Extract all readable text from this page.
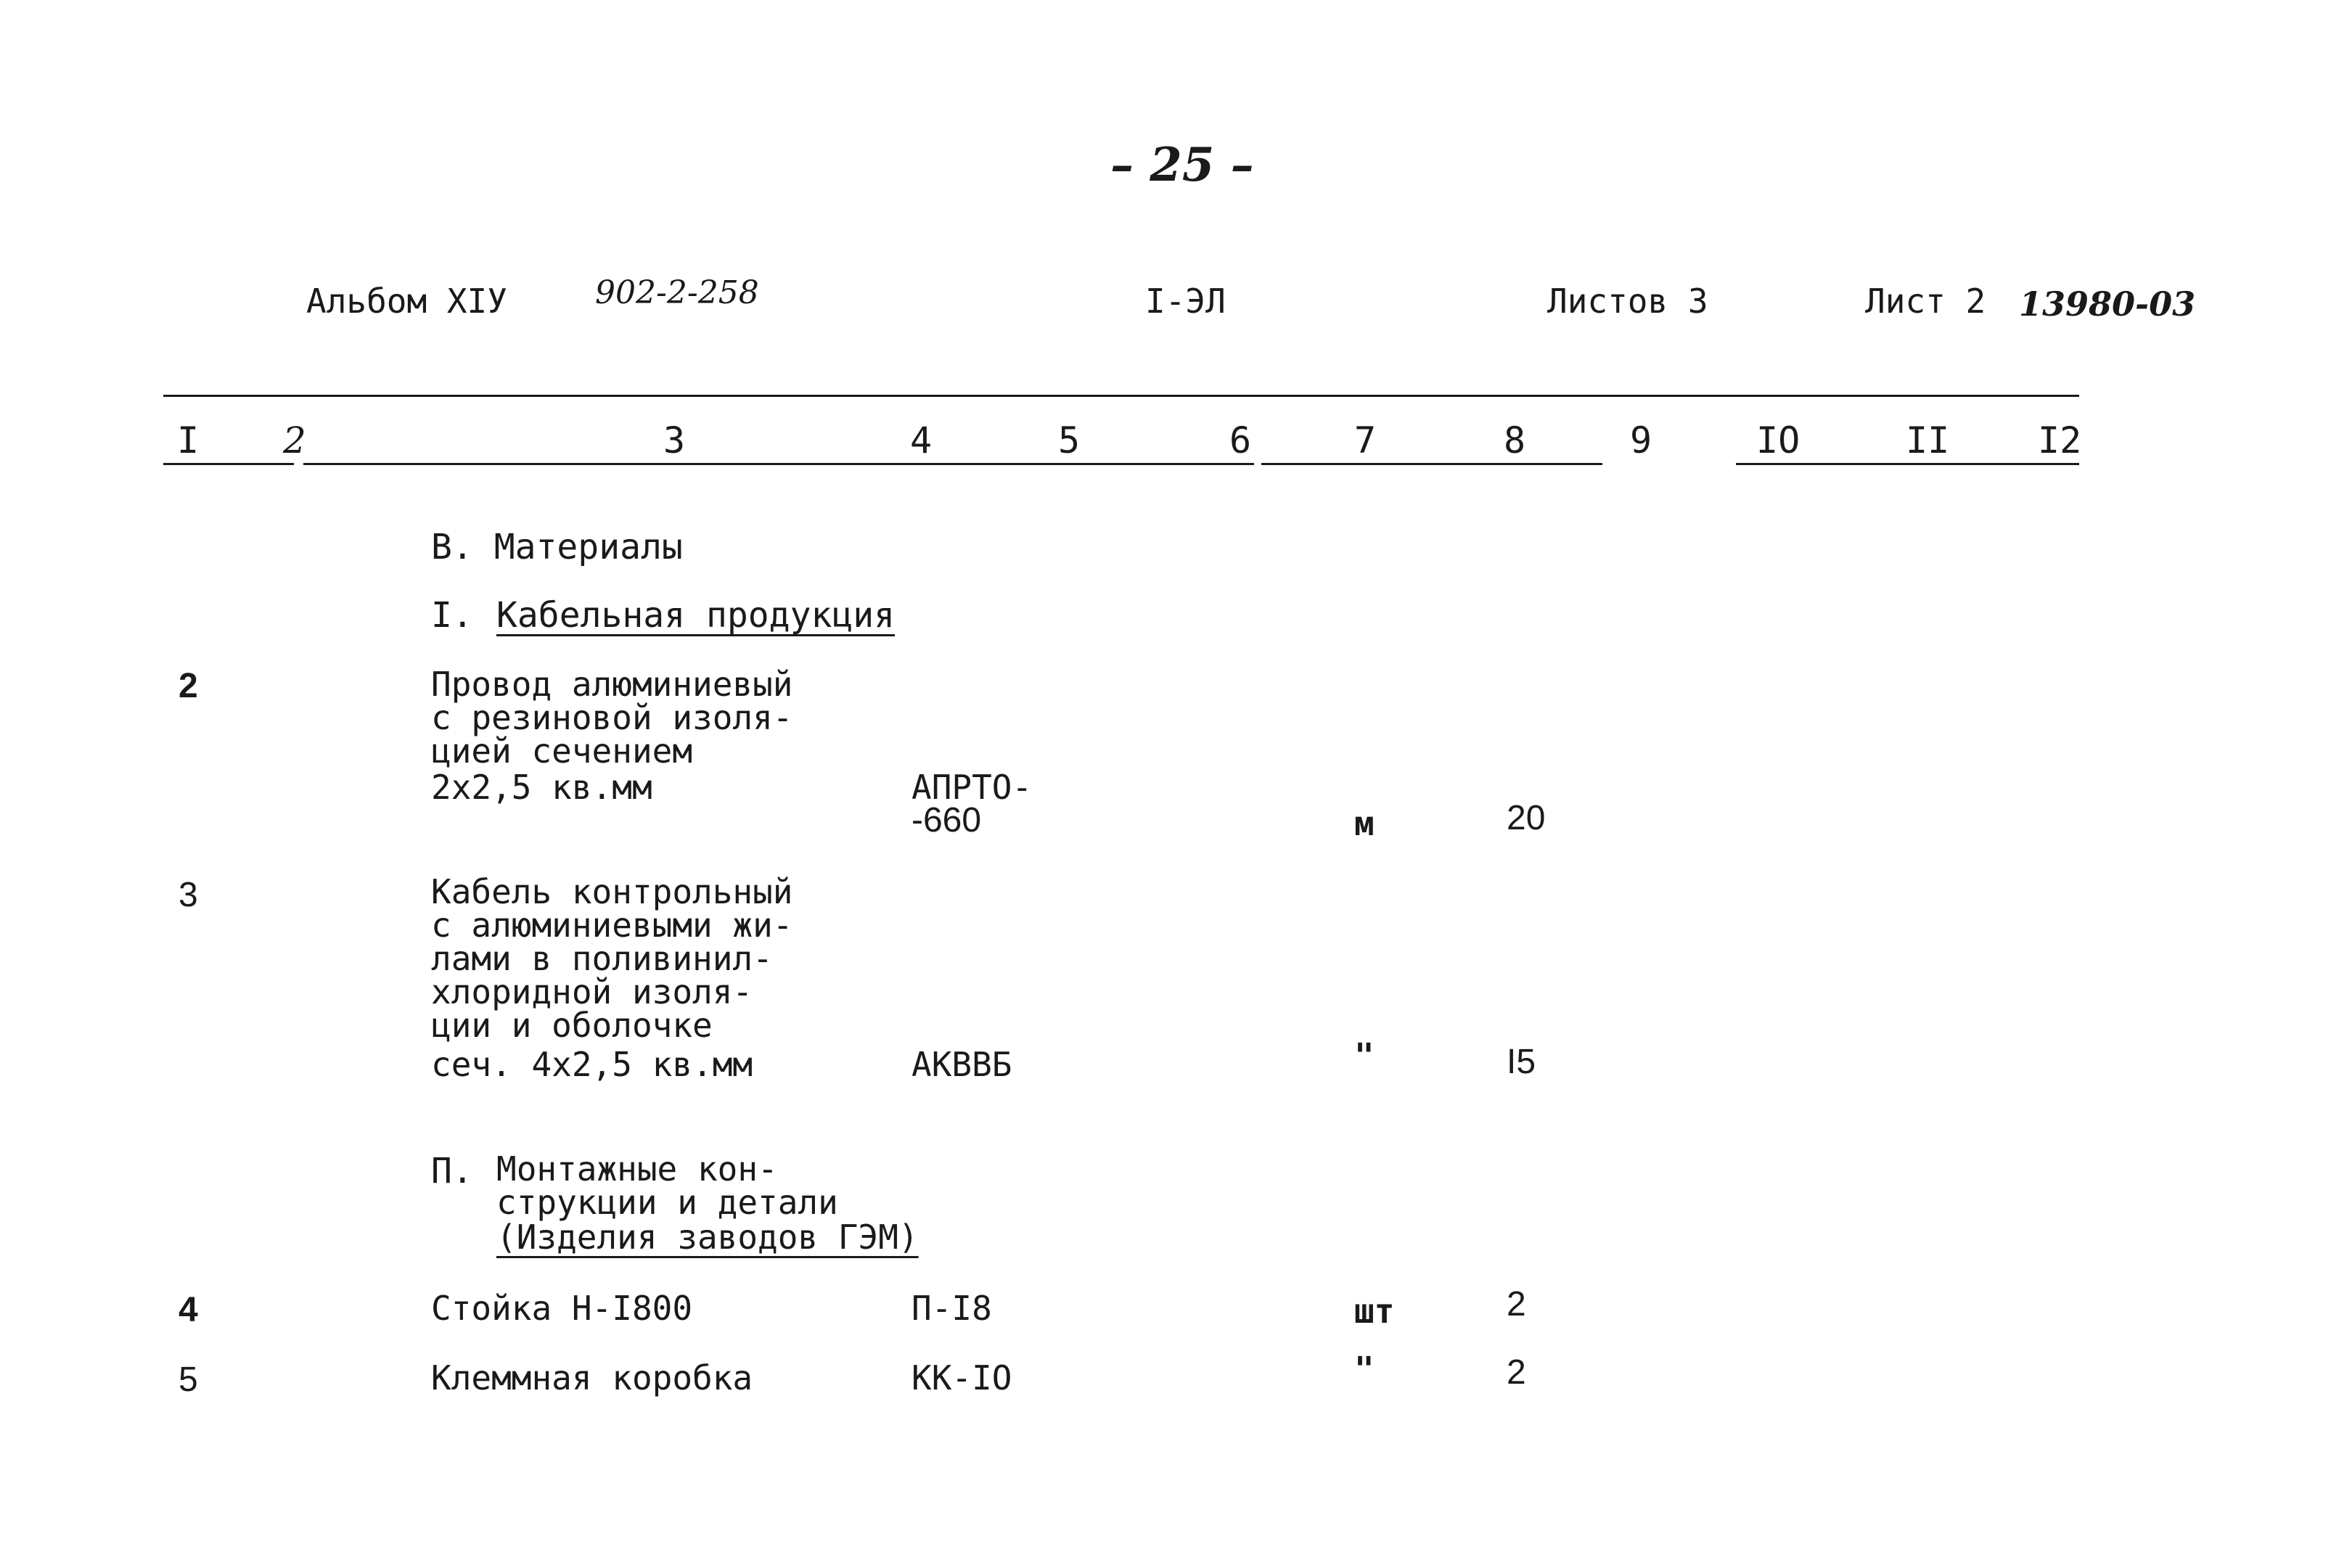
– 25 –
Альбом XIУ	902-2-258	I-ЭЛ	Листов 3	Лист 2 13980-03
I 2	3	4	5	6	7	8	9	IO	II I2
В. Материалы
I. Кабельная продукция
2	Провод алюминиевый
с резиновой изоля-
цией сечением
2x2,5 кв.мм	АПРТО-
-660	м	20
3	Кабель контрольный
с алюминиевыми жи-
лами в поливинил-
хлоридной изоля-
ции и оболочке
сеч. 4x2,5 кв.мм	АКВВБ	"	I5
П. Монтажные кон-
струкции и детали
(Изделия заводов ГЭМ)
4	Стойка Н-I800	П-I8	шт	2
5	Клеммная коробка	КК-IO	"	2
